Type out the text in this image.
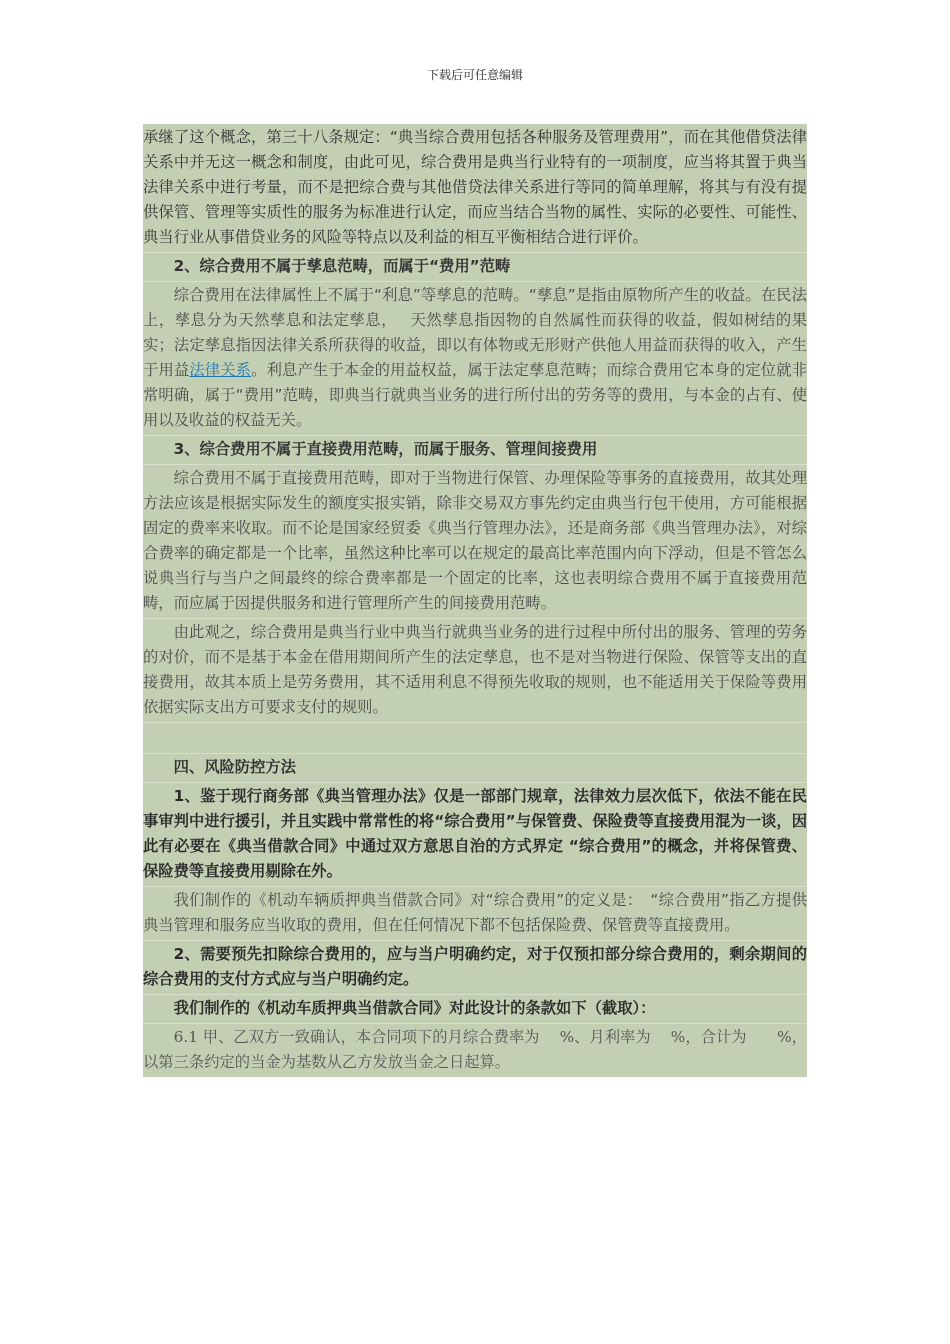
下载后可任意编辑
承继了这个概念，第三十八条规定：“典当综合费用包括各种服务及管理费用”，而在其他借贷法律关系中并无这一概念和制度，由此可见，综合费用是典当行业特有的一项制度，应当将其置于典当法律关系中进行考量，而不是把综合费与其他借贷法律关系进行等同的简单理解，将其与有没有提供保管、管理等实质性的服务为标准进行认定，而应当结合当物的属性、实际的必要性、可能性、典当行业从事借贷业务的风险等特点以及利益的相互平衡相结合进行评价。
2、综合费用不属于孳息范畴，而属于“费用”范畴
综合费用在法律属性上不属于“利息”等孳息的范畴。“孳息”是指由原物所产生的收益。在民法上，孳息分为天然孳息和法定孳息，　 天然孳息指因物的自然属性而获得的收益，假如树结的果实；法定孳息指因法律关系所获得的收益，即以有体物或无形财产供他人用益而获得的收入，产生于用益法律关系。利息产生于本金的用益权益，属于法定孳息范畴；而综合费用它本身的定位就非常明确，属于“费用”范畴，即典当行就典当业务的进行所付出的劳务等的费用，与本金的占有、使用以及收益的权益无关。
3、综合费用不属于直接费用范畴，而属于服务、管理间接费用
综合费用不属于直接费用范畴，即对于当物进行保管、办理保险等事务的直接费用，故其处理方法应该是根据实际发生的额度实报实销，除非交易双方事先约定由典当行包干使用，方可能根据固定的费率来收取。而不论是国家经贸委《典当行管理办法》，还是商务部《典当管理办法》，对综合费率的确定都是一个比率，虽然这种比率可以在规定的最高比率范围内向下浮动，但是不管怎么说典当行与当户之间最终的综合费率都是一个固定的比率，这也表明综合费用不属于直接费用范畴，而应属于因提供服务和进行管理所产生的间接费用范畴。
由此观之，综合费用是典当行业中典当行就典当业务的进行过程中所付出的服务、管理的劳务的对价，而不是基于本金在借用期间所产生的法定孳息，也不是对当物进行保险、保管等支出的直接费用，故其本质上是劳务费用，其不适用利息不得预先收取的规则，也不能适用关于保险等费用依据实际支出方可要求支付的规则。
四、风险防控方法
1、鉴于现行商务部《典当管理办法》仅是一部部门规章，法律效力层次低下，依法不能在民事审判中进行援引，并且实践中常常性的将“综合费用”与保管费、保险费等直接费用混为一谈，因此有必要在《典当借款合同》中通过双方意思自治的方式界定 “综合费用”的概念，并将保管费、保险费等直接费用剔除在外。
我们制作的《机动车辆质押典当借款合同》对“综合费用”的定义是：　“综合费用”指乙方提供典当管理和服务应当收取的费用，但在任何情况下都不包括保险费、保管费等直接费用。
2、需要预先扣除综合费用的，应与当户明确约定，对于仅预扣部分综合费用的，剩余期间的综合费用的支付方式应与当户明确约定。
我们制作的《机动车质押典当借款合同》对此设计的条款如下（截取）：
6.1 甲、乙双方一致确认，本合同项下的月综合费率为　 %、月利率为　 %，合计为　　%，以第三条约定的当金为基数从乙方发放当金之日起算。
